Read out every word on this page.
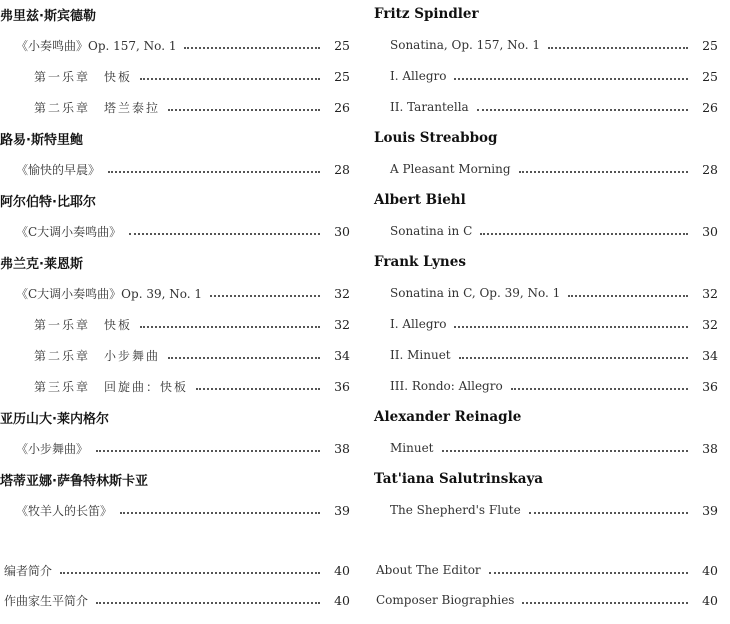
弗里兹·斯宾德勒
《小奏鸣曲》Op. 157, No. 1	25
第一乐章　快板	25
第二乐章　塔兰泰拉	26
路易·斯特里鲍
《愉快的早晨》	28
阿尔伯特·比耶尔
《C大调小奏鸣曲》	30
弗兰克·莱恩斯
《C大调小奏鸣曲》Op. 39, No. 1	32
第一乐章　快板	32
第二乐章　小步舞曲	34
第三乐章　回旋曲：快板	36
亚历山大·莱内格尔
《小步舞曲》	38
塔蒂亚娜·萨鲁特林斯卡亚
《牧羊人的长笛》	39
编者简介	40
作曲家生平简介	40
Fritz Spindler
Sonatina, Op. 157, No. 1	25
I. Allegro	25
II. Tarantella	26
Louis Streabbog
A Pleasant Morning	28
Albert Biehl
Sonatina in C	30
Frank Lynes
Sonatina in C, Op. 39, No. 1	32
I. Allegro	32
II. Minuet	34
III. Rondo: Allegro	36
Alexander Reinagle
Minuet	38
Tat'iana Salutrinskaya
The Shepherd's Flute	39
About The Editor	40
Composer Biographies	40
